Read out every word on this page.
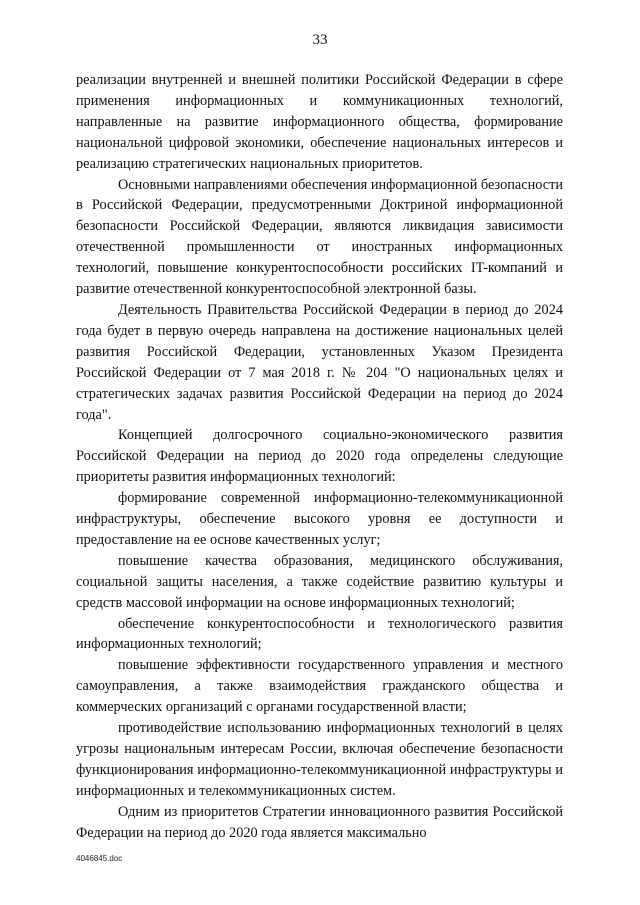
33

реализации внутренней и внешней политики Российской Федерации в сфере применения информационных и коммуникационных технологий, направленные на развитие информационного общества, формирование национальной цифровой экономики, обеспечение национальных интересов и реализацию стратегических национальных приоритетов.

Основными направлениями обеспечения информационной безопасности в Российской Федерации, предусмотренными Доктриной информационной безопасности Российской Федерации, являются ликвидация зависимости отечественной промышленности от иностранных информационных технологий, повышение конкурентоспособности российских IT-компаний и развитие отечественной конкурентоспособной электронной базы.

Деятельность Правительства Российской Федерации в период до 2024 года будет в первую очередь направлена на достижение национальных целей развития Российской Федерации, установленных Указом Президента Российской Федерации от 7 мая 2018 г. № 204 "О национальных целях и стратегических задачах развития Российской Федерации на период до 2024 года".

Концепцией долгосрочного социально-экономического развития Российской Федерации на период до 2020 года определены следующие приоритеты развития информационных технологий:

формирование современной информационно-телекоммуникационной инфраструктуры, обеспечение высокого уровня ее доступности и предоставление на ее основе качественных услуг;

повышение качества образования, медицинского обслуживания, социальной защиты населения, а также содействие развитию культуры и средств массовой информации на основе информационных технологий;

обеспечение конкурентоспособности и технологического развития информационных технологий;

повышение эффективности государственного управления и местного самоуправления, а также взаимодействия гражданского общества и коммерческих организаций с органами государственной власти;

противодействие использованию информационных технологий в целях угрозы национальным интересам России, включая обеспечение безопасности функционирования информационно-телекоммуникационной инфраструктуры и информационных и телекоммуникационных систем.

Одним из приоритетов Стратегии инновационного развития Российской Федерации на период до 2020 года является максимально

4046845.doc
